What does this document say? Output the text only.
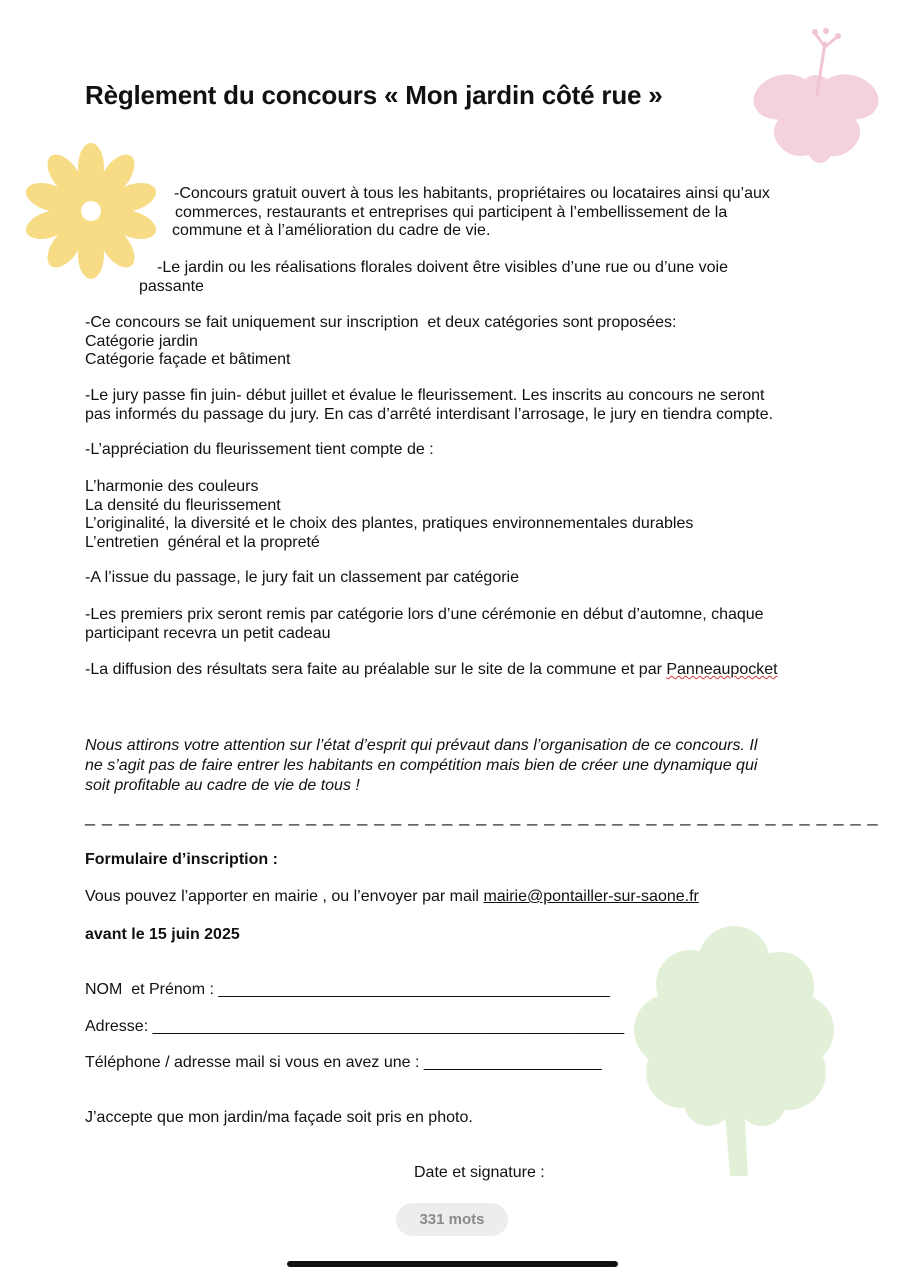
Règlement du concours « Mon jardin côté rue »
-Concours gratuit ouvert à tous les habitants, propriétaires ou locataires ainsi qu’aux
commerces, restaurants et entreprises qui participent à l’embellissement de la
commune et à l’amélioration du cadre de vie.
-Le jardin ou les réalisations florales doivent être visibles d’une rue ou d’une voie
passante
-Ce concours se fait uniquement sur inscription  et deux catégories sont proposées:
Catégorie jardin
Catégorie façade et bâtiment
-Le jury passe fin juin- début juillet et évalue le fleurissement. Les inscrits au concours ne seront
pas informés du passage du jury. En cas d’arrêté interdisant l’arrosage, le jury en tiendra compte.
-L’appréciation du fleurissement tient compte de :
L’harmonie des couleurs
La densité du fleurissement
L’originalité, la diversité et le choix des plantes, pratiques environnementales durables
L’entretien  général et la propreté
-A l’issue du passage, le jury fait un classement par catégorie
-Les premiers prix seront remis par catégorie lors d’une cérémonie en début d’automne, chaque
participant recevra un petit cadeau
-La diffusion des résultats sera faite au préalable sur le site de la commune et par Panneaupocket
Nous attirons votre attention sur l’état d’esprit qui prévaut dans l’organisation de ce concours. Il
ne s’agit pas de faire entrer les habitants en compétition mais bien de créer une dynamique qui
soit profitable au cadre de vie de tous !
_ _ _ _ _ _ _ _ _ _ _ _ _ _ _ _ _ _ _ _ _ _ _ _ _ _ _ _ _ _ _ _ _ _ _ _ _ _ _ _ _ _ _ _ _ _ _
Formulaire d’inscription :
Vous pouvez l’apporter en mairie , ou l’envoyer par mail mairie@pontailler-sur-saone.fr
avant le 15 juin 2025
NOM  et Prénom : ____________________________________________
Adresse: _____________________________________________________
Téléphone / adresse mail si vous en avez une : ____________________
J’accepte que mon jardin/ma façade soit pris en photo.
Date et signature :
331 mots
